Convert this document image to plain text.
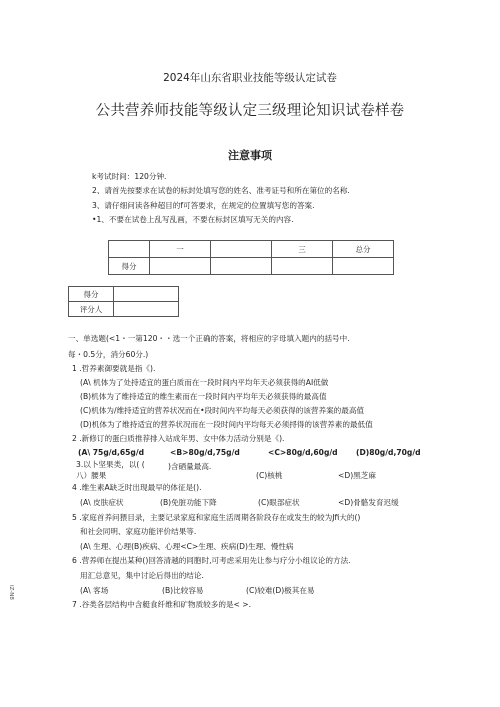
2024年山东省职业技能等级认定试卷
公共营养师技能等级认定三级理论知识试卷样卷
注意事项
k考试时间：120分钟.
2、请首先按要求在试卷的标封处填写您的姓名、准考证号和所在第位的名称.
3、请仔细问读各种超目的f可答要求，在规定的位置填写您的答案.
•1、不要在试卷上乱写乱画，不要在标封区填写无关的内容.
	一		三	总分
得分				
得分	
评分人	
一、单选题(<1・一第120・・选一个正确的答案，将相应的字母填入题内的括号中.
每・0.5分，消分60分.)
1 .哲养素御要就是指《).
(A\ 机体为了处持适宜的蛋白质而在一段时间内平均年天必须获得的AI低做
(B)机体为了维持适宜的维生素而在一段时间内平均年天必须获得的最高值
(C)机体为/维持适宜的营养状况而在•段时间内平均每天必须获得的该营养案的最高值
(D)机体为了维持适宜的营养状况而在一段时间内平均每天必须捋得的该营养素的最低值
2 .新修订的蛋臼质推荐排入站成年男、女中体力活动分别是《).
(A\ 75g/d,65g/d	<B>80g/d,75g/d	<C>80g/d,60g/d (D)80g/d,70g/d
3.以卜坚果类，以( (	)含硒量最高.
八）腰果	(C)核桃	<D)黑芝麻
4 .维生素A缺乏时出现最早的体征是().
(A\ 皮肤症状	(B)免脏功能下降	(C)眼部症状	<D)骨骼发育迟缓
5 .家庭首养问猥目录，主要记录家庭和家庭生活周期各阶段存在或发生的较为Jfi大的()
和社会同明、家庭功能评价结果等.
(A\ 生理、心理(B)疾病、心理<C>生理、疾病(D)生理、慢性病
6 .营养师在提出某种()回答清越的同胞时,可考虑采用先让参与疗分小组议论的方法.
用汇总意见，集中讨论后得出的结论.
(A\ 客场	(B)比较容易	(C)较难(D)极其在易
7 .谷类各层结构中含艇食纤维和矿物质较多的是< >.
IZ-N8
